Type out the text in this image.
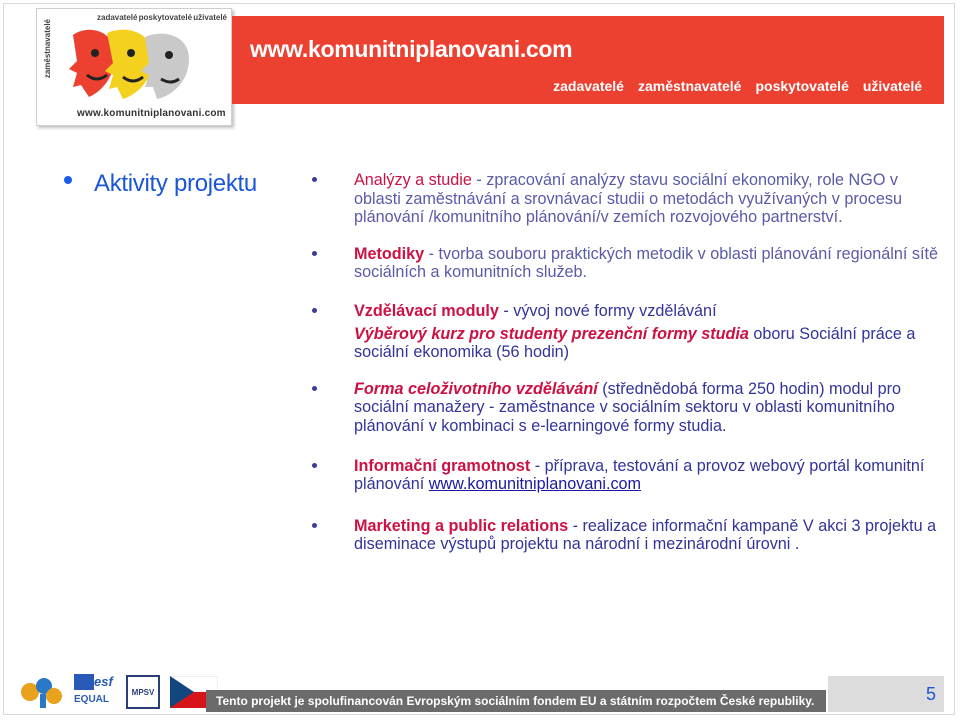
zadavatelé poskytovatelé uživatelé
zaměstnavatelé
www.komunitniplanovani.com
www.komunitniplanovani.com
zadavatelé zaměstnavatelé poskytovatelé uživatelé
Aktivity projektu	Analýzy a studie - zpracování analýzy stavu sociální ekonomiky, role NGO v oblasti zaměstnávání a srovnávací studii o metodách využívaných v procesu plánování /komunitního plánování/v zemích rozvojového partnerství.

Metodiky - tvorba souboru praktických metodik v oblasti plánování regionální sítě sociálních a komunitních služeb.

Vzdělávací moduly - vývoj nové formy vzdělávání

Výběrový kurz pro studenty prezenční formy studia oboru Sociální práce a sociální ekonomika (56 hodin)

Forma celoživotního vzdělávání (střednědobá forma 250 hodin) modul pro sociální manažery - zaměstnance v sociálním sektoru v oblasti komunitního plánování v kombinaci s e-learningové formy studia.

Informační gramotnost - příprava, testování a provoz webový portál komunitní plánování www.komunitniplanovani.com

Marketing a public relations - realizace informační kampaně V akci 3 projektu a diseminace výstupů projektu na národní i mezinárodní úrovni .

esf
EQUAL
MPSV
Tento projekt je spolufinancován Evropským sociálním fondem EU a státním rozpočtem České republiky.	5
